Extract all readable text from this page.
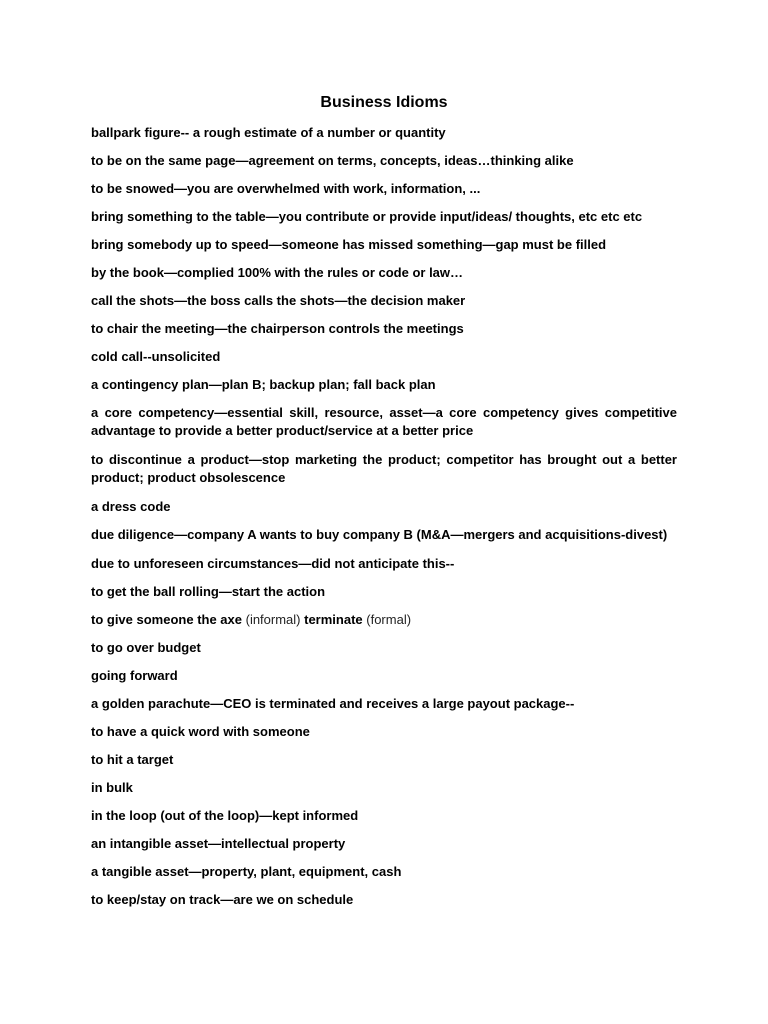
Business Idioms
ballpark figure-- a rough estimate of a number or quantity
to be on the same page—agreement on terms, concepts, ideas…thinking alike
to be snowed—you are overwhelmed with work, information, ...
bring something to the table—you contribute or provide input/ideas/ thoughts, etc etc etc
bring somebody up to speed—someone has missed something—gap must be filled
by the book—complied 100% with the rules or code or law…
call the shots—the boss calls the shots—the decision maker
to chair the meeting—the chairperson controls the meetings
cold call--unsolicited
a contingency plan—plan B; backup plan; fall back plan
a core competency—essential skill, resource, asset—a core competency gives competitive advantage to provide a better product/service at a better price
to discontinue a product—stop marketing the product; competitor has brought out a better product; product obsolescence
a dress code
due diligence—company A wants to buy company B (M&A—mergers and acquisitions-divest)
due to unforeseen circumstances—did not anticipate this--
to get the ball rolling—start the action
to give someone the axe (informal) terminate (formal)
to go over budget
going forward
a golden parachute—CEO is terminated and receives a large payout package--
to have a quick word with someone
to hit a target
in bulk
in the loop (out of the loop)—kept informed
an intangible asset—intellectual property
a tangible asset—property, plant, equipment, cash
to keep/stay on track—are we on schedule
